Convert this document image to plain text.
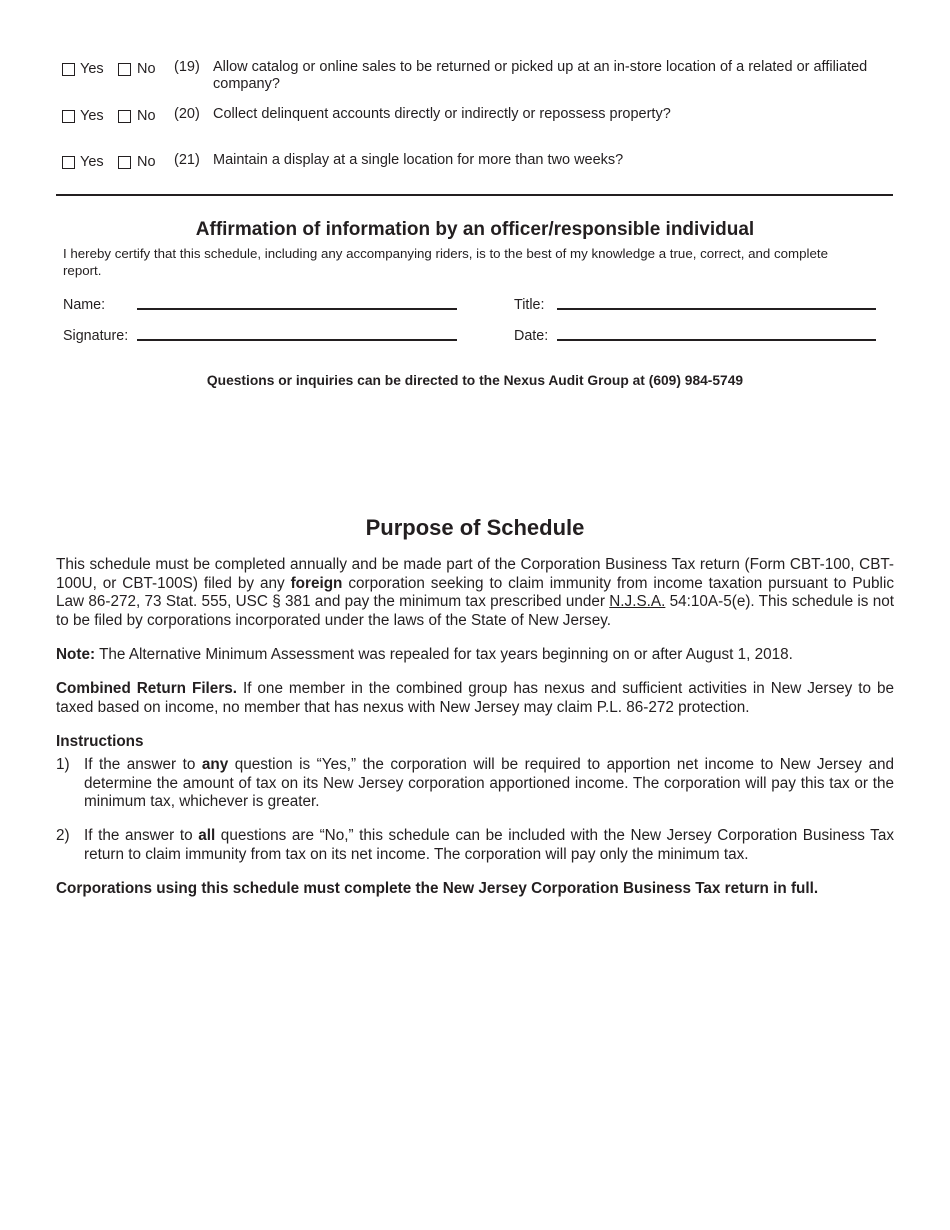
Yes No (19) Allow catalog or online sales to be returned or picked up at an in-store location of a related or affiliated company?
Yes No (20) Collect delinquent accounts directly or indirectly or repossess property?
Yes No (21) Maintain a display at a single location for more than two weeks?
Affirmation of information by an officer/responsible individual
I hereby certify that this schedule, including any accompanying riders, is to the best of my knowledge a true, correct, and complete report.
Name:	Title:
Signature:	Date:
Questions or inquiries can be directed to the Nexus Audit Group at (609) 984-5749
Purpose of Schedule
This schedule must be completed annually and be made part of the Corporation Business Tax return (Form CBT-100, CBT-100U, or CBT-100S) filed by any foreign corporation seeking to claim immunity from income taxation pursuant to Public Law 86-272, 73 Stat. 555, USC § 381 and pay the minimum tax prescribed under N.J.S.A. 54:10A-5(e). This schedule is not to be filed by corporations incorporated under the laws of the State of New Jersey.
Note: The Alternative Minimum Assessment was repealed for tax years beginning on or after August 1, 2018.
Combined Return Filers. If one member in the combined group has nexus and sufficient activities in New Jersey to be taxed based on income, no member that has nexus with New Jersey may claim P.L. 86-272 protection.
Instructions
1) If the answer to any question is “Yes,” the corporation will be required to apportion net income to New Jersey and determine the amount of tax on its New Jersey corporation apportioned income. The corporation will pay this tax or the minimum tax, whichever is greater.
2) If the answer to all questions are “No,” this schedule can be included with the New Jersey Corporation Business Tax return to claim immunity from tax on its net income. The corporation will pay only the minimum tax.
Corporations using this schedule must complete the New Jersey Corporation Business Tax return in full.
